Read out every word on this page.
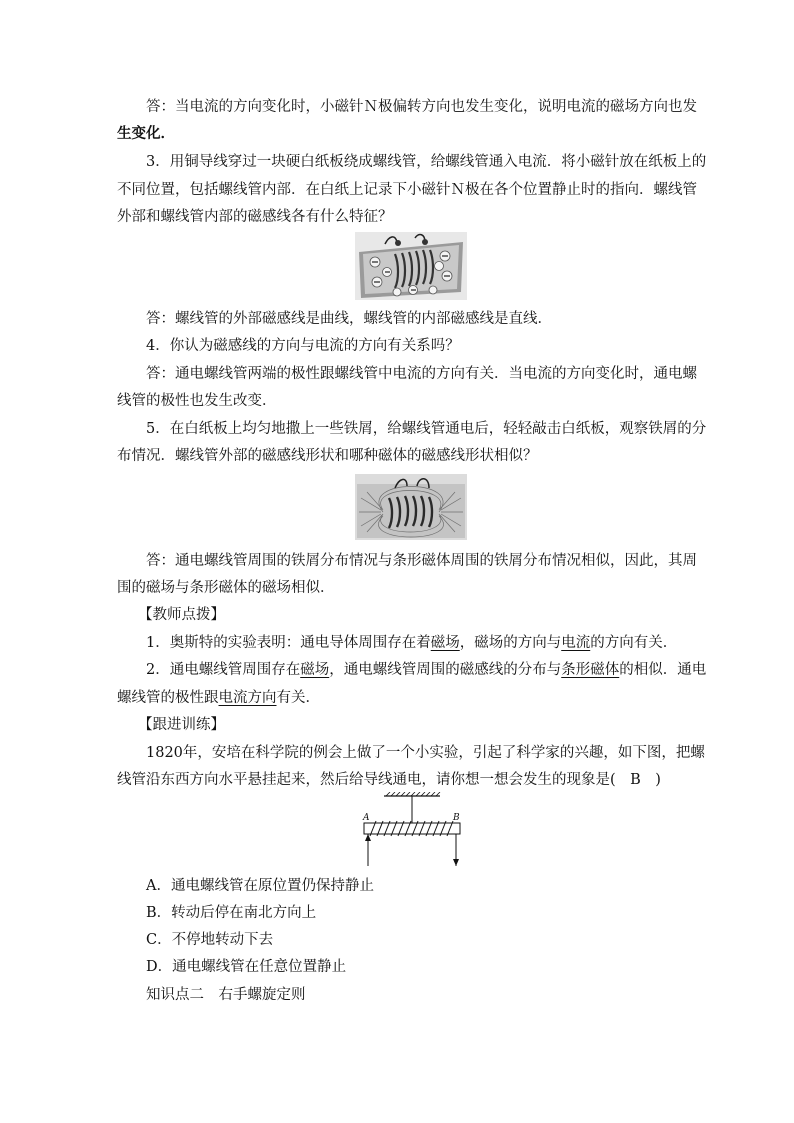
答：当电流的方向变化时，小磁针Ｎ极偏转方向也发生变化，说明电流的磁场方向也发
生变化．
3．用铜导线穿过一块硬白纸板绕成螺线管，给螺线管通入电流．将小磁针放在纸板上的
不同位置，包括螺线管内部．在白纸上记录下小磁针Ｎ极在各个位置静止时的指向．螺线管
外部和螺线管内部的磁感线各有什么特征？
答：螺线管的外部磁感线是曲线，螺线管的内部磁感线是直线．
4．你认为磁感线的方向与电流的方向有关系吗？
答：通电螺线管两端的极性跟螺线管中电流的方向有关．当电流的方向变化时，通电螺
线管的极性也发生改变．
5．在白纸板上均匀地撒上一些铁屑，给螺线管通电后，轻轻敲击白纸板，观察铁屑的分
布情况．螺线管外部的磁感线形状和哪种磁体的磁感线形状相似？
答：通电螺线管周围的铁屑分布情况与条形磁体周围的铁屑分布情况相似，因此，其周
围的磁场与条形磁体的磁场相似．
【教师点拨】
1．奥斯特的实验表明：通电导体周围存在着磁场，磁场的方向与电流的方向有关．
2．通电螺线管周围存在磁场，通电螺线管周围的磁感线的分布与条形磁体的相似．通电
螺线管的极性跟电流方向有关．
【跟进训练】
1820年，安培在科学院的例会上做了一个小实验，引起了科学家的兴趣，如下图，把螺
线管沿东西方向水平悬挂起来，然后给导线通电，请你想一想会发生的现象是(　B　)
A	B
A．通电螺线管在原位置仍保持静止
B．转动后停在南北方向上
C．不停地转动下去
D．通电螺线管在任意位置静止
知识点二　右手螺旋定则
